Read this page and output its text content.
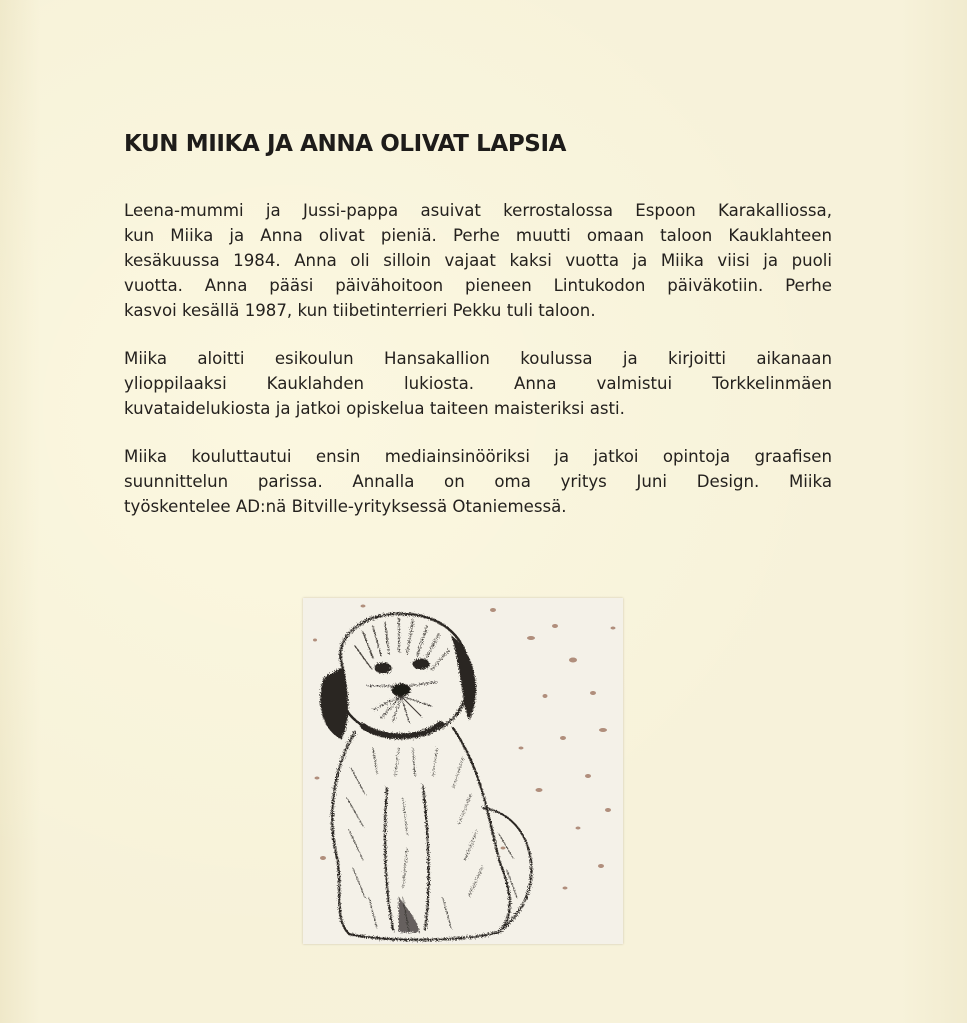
KUN MIIKA JA ANNA OLIVAT LAPSIA
Leena-mummi ja Jussi-pappa asuivat kerrostalossa Espoon Karakalliossa,
kun Miika ja Anna olivat pieniä. Perhe muutti omaan taloon Kauklahteen
kesäkuussa 1984. Anna oli silloin vajaat kaksi vuotta ja Miika viisi ja puoli
vuotta. Anna pääsi päivähoitoon pieneen Lintukodon päiväkotiin. Perhe
kasvoi kesällä 1987, kun tiibetinterrieri Pekku tuli taloon.
Miika aloitti esikoulun Hansakallion koulussa ja kirjoitti aikanaan
ylioppilaaksi Kauklahden lukiosta. Anna valmistui Torkkelinmäen
kuvataidelukiosta ja jatkoi opiskelua taiteen maisteriksi asti.
Miika kouluttautui ensin mediainsinööriksi ja jatkoi opintoja graafisen
suunnittelun parissa. Annalla on oma yritys Juni Design. Miika
työskentelee AD:nä Bitville-yrityksessä Otaniemessä.
